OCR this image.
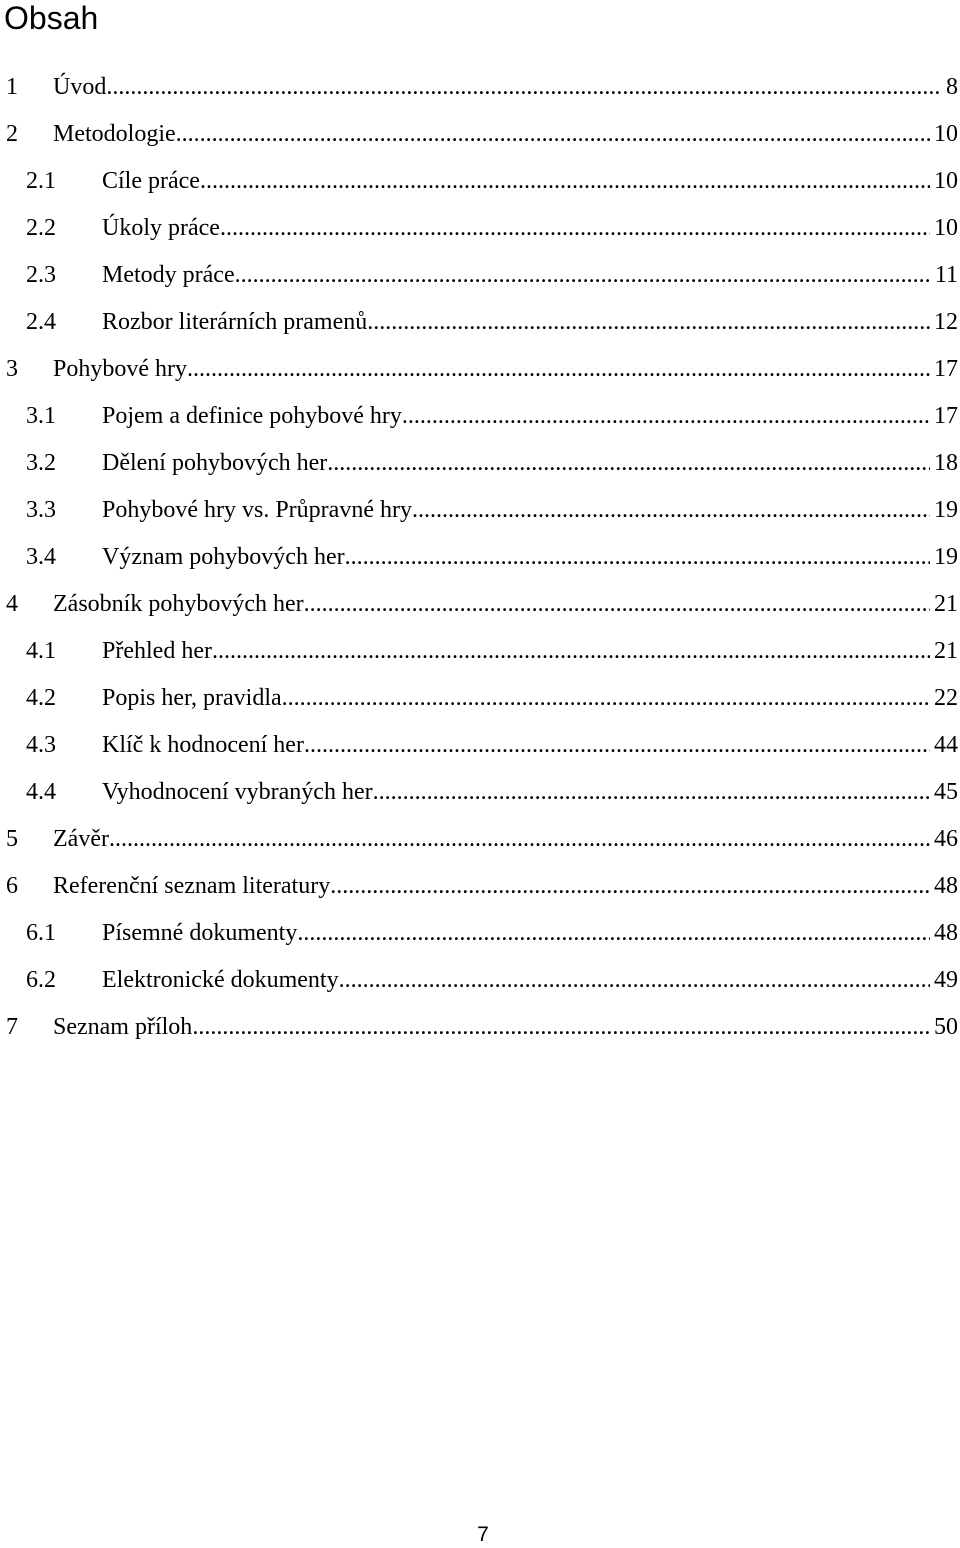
Obsah
1 Úvod .....	8
2 Metodologie .....	10
2.1 Cíle práce .....	10
2.2 Úkoly práce .....	10
2.3 Metody práce .....	11
2.4 Rozbor literárních pramenů .....	12
3 Pohybové hry .....	17
3.1 Pojem a definice pohybové hry .....	17
3.2 Dělení pohybových her .....	18
3.3 Pohybové hry vs. Průpravné hry .....	19
3.4 Význam pohybových her .....	19
4 Zásobník pohybových her .....	21
4.1 Přehled her .....	21
4.2 Popis her, pravidla .....	22
4.3 Klíč k hodnocení her .....	44
4.4 Vyhodnocení vybraných her .....	45
5 Závěr .....	46
6 Referenční seznam literatury .....	48
6.1 Písemné dokumenty .....	48
6.2 Elektronické dokumenty .....	49
7 Seznam příloh .....	50
7
